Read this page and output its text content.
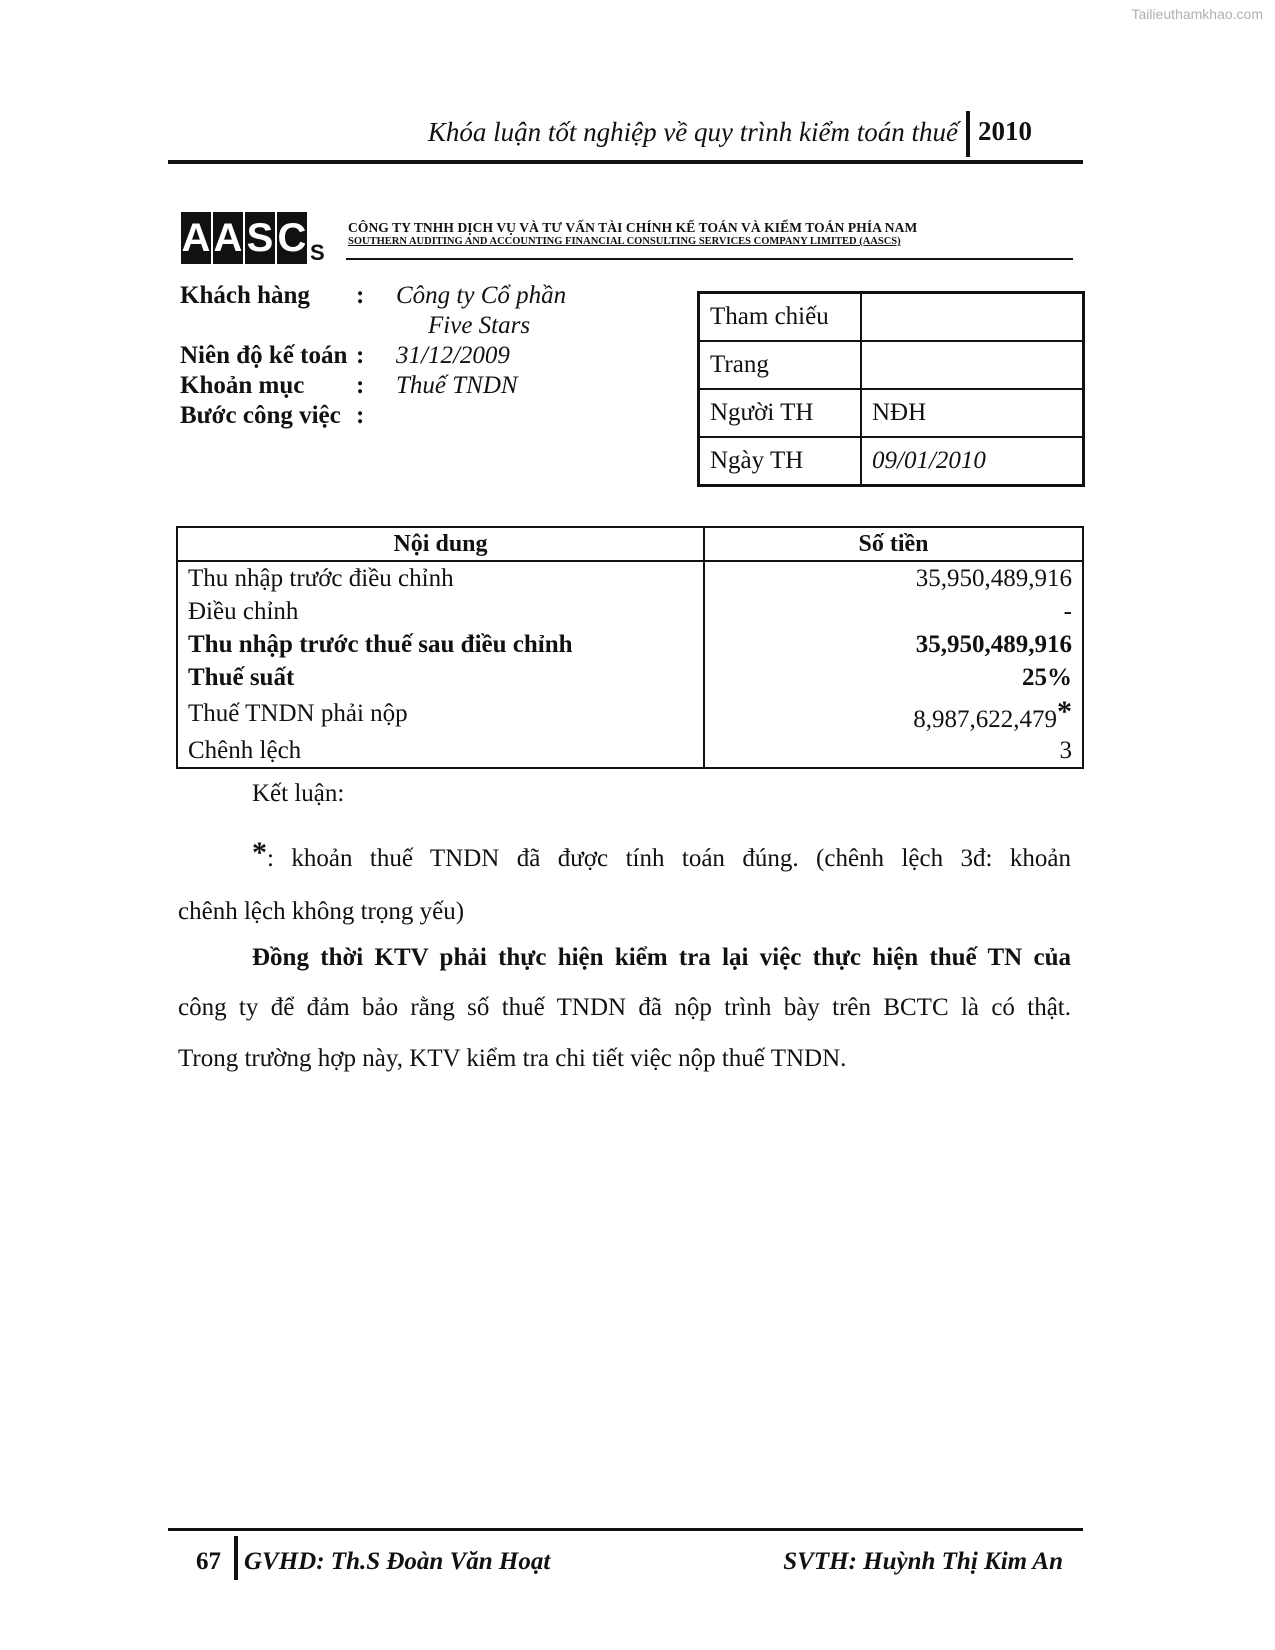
Tailieuthamkhao.com
Khóa luận tốt nghiệp về quy trình kiểm toán thuế 2010
A A S C S
CÔNG TY TNHH DỊCH VỤ VÀ TƯ VẤN TÀI CHÍNH KẾ TOÁN VÀ KIỂM TOÁN PHÍA NAM
SOUTHERN AUDITING AND ACCOUNTING FINANCIAL CONSULTING SERVICES COMPANY LIMITED (AASCS)
Khách hàng : Công ty Cổ phần
Five Stars
Niên độ kế toán : 31/12/2009
Khoản mục : Thuế TNDN
Bước công việc :
Tham chiếu	
Trang	
Người TH	NĐH
Ngày TH	09/01/2010
Nội dung	Số tiền
Thu nhập trước điều chỉnh	35,950,489,916
Điều chỉnh	-
Thu nhập trước thuế sau điều chỉnh	35,950,489,916
Thuế suất	25%
Thuế TNDN phải nộp	8,987,622,479*
Chênh lệch	3
Kết luận:
*: khoản thuế TNDN đã được tính toán đúng. (chênh lệch 3đ: khoản
chênh lệch không trọng yếu)
Đồng thời KTV phải thực hiện kiểm tra lại việc thực hiện thuế TN của
công ty để đảm bảo rằng số thuế TNDN đã nộp trình bày trên BCTC là có thật.
Trong trường hợp này, KTV kiểm tra chi tiết việc nộp thuế TNDN.
67 GVHD: Th.S Đoàn Văn Hoạt	SVTH: Huỳnh Thị Kim An
